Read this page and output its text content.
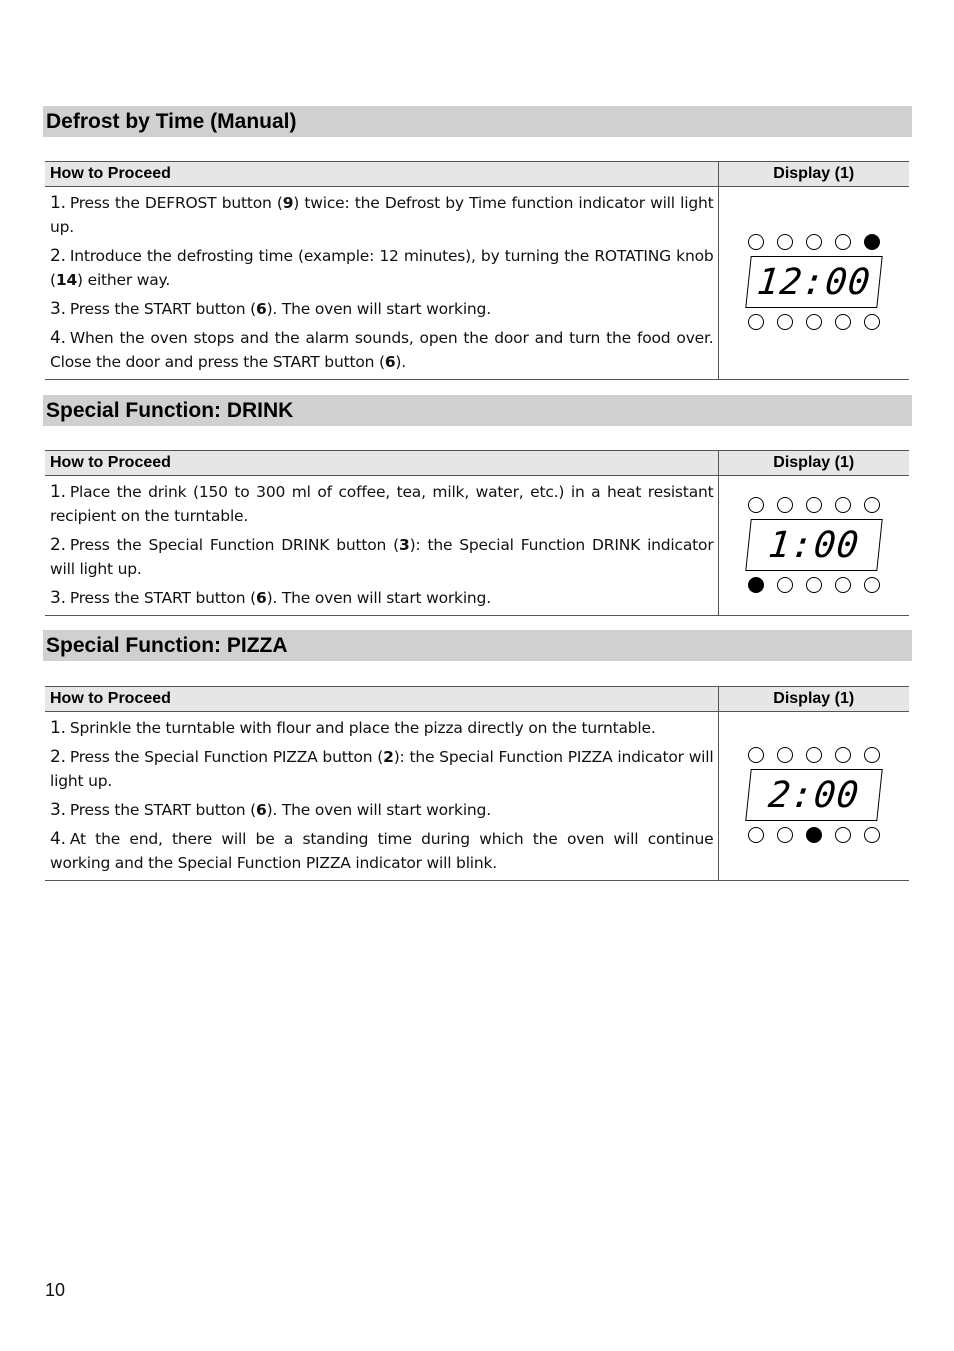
Defrost by Time (Manual)
How to Proceed	Display (1)

1. Press the DEFROST button (9) twice: the Defrost by Time function indicator will light up.
2. Introduce the defrosting time (example: 12 minutes), by turning the ROTATING knob (14) either way.
3. Press the START button (6). The oven will start working.
4. When the oven stops and the alarm sounds, open the door and turn the food over. Close the door and press the START button (6).	12:00
Special Function: DRINK
How to Proceed	Display (1)

1. Place the drink (150 to 300 ml of coffee, tea, milk, water, etc.) in a heat resistant recipient on the turntable.
2. Press the Special Function DRINK button (3): the Special Function DRINK indicator will light up.
3. Press the START button (6). The oven will start working.	1:00
Special Function: PIZZA
How to Proceed	Display (1)

1. Sprinkle the turntable with flour and place the pizza directly on the turntable.
2. Press the Special Function PIZZA button (2): the Special Function PIZZA indicator will light up.
3. Press the START button (6). The oven will start working.
4. At the end, there will be a standing time during which the oven will continue working and the Special Function PIZZA indicator will blink.	2:00
10
